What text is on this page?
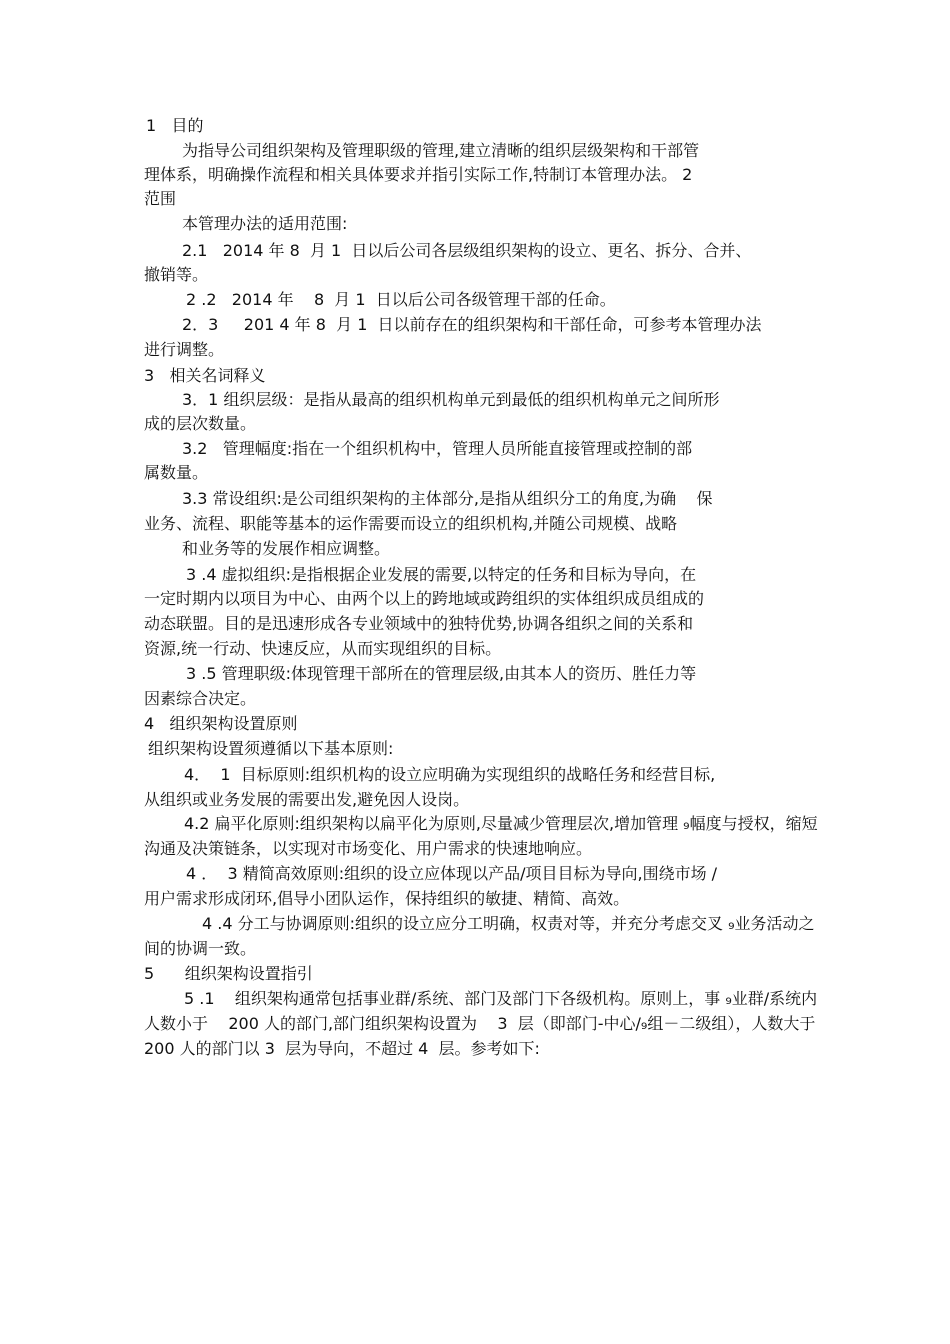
1   目的
为指导公司组织架构及管理职级的管理,建立清晰的组织层级架构和干部管
理体系，明确操作流程和相关具体要求并指引实际工作,特制订本管理办法。 2
范围
本管理办法的适用范围:
2.1   2014 年 8  月 1  日以后公司各层级组织架构的设立、更名、拆分、合并、
撤销等。
2 .2   2014 年    8  月 1  日以后公司各级管理干部的任命。
2．3     201 4 年 8  月 1  日以前存在的组织架构和干部任命，可参考本管理办法
进行调整。
3   相关名词释义
3．1 组织层级：是指从最高的组织机构单元到最低的组织机构单元之间所形
成的层次数量。
3.2   管理幅度:指在一个组织机构中，管理人员所能直接管理或控制的部
属数量。
3.3 常设组织:是公司组织架构的主体部分,是指从组织分工的角度,为确    保
业务、流程、职能等基本的运作需要而设立的组织机构,并随公司规模、战略
和业务等的发展作相应调整。
3 .4 虚拟组织:是指根据企业发展的需要,以特定的任务和目标为导向，在
一定时期内以项目为中心、由两个以上的跨地域或跨组织的实体组织成员组成的
动态联盟。目的是迅速形成各专业领域中的独特优势,协调各组织之间的关系和
资源,统一行动、快速反应，从而实现组织的目标。
3 .5 管理职级:体现管理干部所在的管理层级,由其本人的资历、胜任力等
因素综合决定。
4   组织架构设置原则
组织架构设置须遵循以下基本原则:
4．  1  目标原则:组织机构的设立应明确为实现组织的战略任务和经营目标,
从组织或业务发展的需要出发,避免因人设岗。
4.2 扁平化原则:组织架构以扁平化为原则,尽量减少管理层次,增加管理 ₉幅度与授权，缩短
沟通及决策链条，以实现对市场变化、用户需求的快速地响应。
4 ．  3 精简高效原则:组织的设立应体现以产品/项目目标为导向,围绕市场 /
用户需求形成闭环,倡导小团队运作，保持组织的敏捷、精简、高效。
4 .4 分工与协调原则:组织的设立应分工明确，权责对等，并充分考虑交叉 ₉业务活动之
间的协调一致。
5      组织架构设置指引
5 .1    组织架构通常包括事业群/系统、部门及部门下各级机构。原则上，事 ₉业群/系统内
人数小于    200 人的部门,部门组织架构设置为    3  层（即部门-中心/₉组－二级组），人数大于
200 人的部门以 3  层为导向，不超过 4  层。参考如下:
